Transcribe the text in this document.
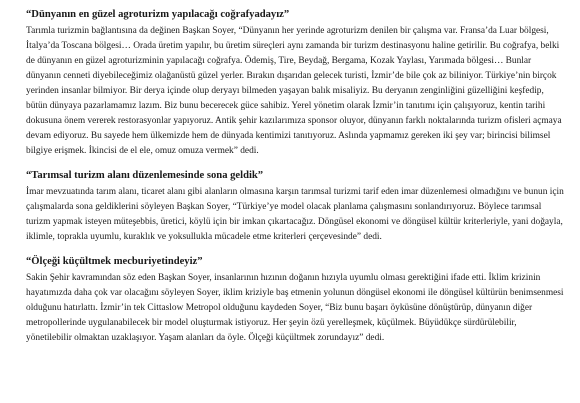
“Dünyanın en güzel agroturizm yapılacağı coğrafyadayız”

Tarımla turizmin bağlantısına da değinen Başkan Soyer, “Dünyanın her yerinde agroturizm denilen bir çalışma var. Fransa’da Luar bölgesi, İtalya’da Toscana bölgesi… Orada üretim yapılır, bu üretim süreçleri aynı zamanda bir turizm destinasyonu haline getirilir. Bu coğrafya, belki de dünyanın en güzel agroturizminin yapılacağı coğrafya. Ödemiş, Tire, Beydağ, Bergama, Kozak Yaylası, Yarımada bölgesi… Bunlar dünyanın cenneti diyebileceğimiz olağanüstü güzel yerler. Bırakın dışarıdan gelecek turisti, İzmir’de bile çok az biliniyor. Türkiye’nin birçok yerinden insanlar bilmiyor. Bir derya içinde olup deryayı bilmeden yaşayan balık misaliyiz. Bu deryanın zenginliğini güzelliğini keşfedip, bütün dünyaya pazarlamamız lazım. Biz bunu becerecek güce sahibiz. Yerel yönetim olarak İzmir’in tanıtımı için çalışıyoruz, kentin tarihi dokusuna önem vererek restorasyonlar yapıyoruz. Antik şehir kazılarımıza sponsor oluyor, dünyanın farklı noktalarında turizm ofisleri açmaya devam ediyoruz. Bu sayede hem ülkemizde hem de dünyada kentimizi tanıtıyoruz. Aslında yapmamız gereken iki şey var; birincisi bilimsel bilgiye erişmek. İkincisi de el ele, omuz omuza vermek” dedi.

“Tarımsal turizm alanı düzenlemesinde sona geldik”

İmar mevzuatında tarım alanı, ticaret alanı gibi alanların olmasına karşın tarımsal turizmi tarif eden imar düzenlemesi olmadığını ve bunun için çalışmalarda sona geldiklerini söyleyen Başkan Soyer, “Türkiye’ye model olacak planlama çalışmasını sonlandırıyoruz. Böylece tarımsal turizm yapmak isteyen müteşebbis, üretici, köylü için bir imkan çıkartacağız. Döngüsel ekonomi ve döngüsel kültür kriterleriyle, yani doğayla, iklimle, toprakla uyumlu, kuraklık ve yoksullukla mücadele etme kriterleri çerçevesinde” dedi.

“Ölçeği küçültmek mecburiyetindeyiz”

Sakin Şehir kavramından söz eden Başkan Soyer, insanlarının hızının doğanın hızıyla uyumlu olması gerektiğini ifade etti. İklim krizinin hayatımızda daha çok var olacağını söyleyen Soyer, iklim kriziyle baş etmenin yolunun döngüsel ekonomi ile döngüsel kültürün benimsenmesi olduğunu hatırlattı. İzmir’in tek Cittaslow Metropol olduğunu kaydeden Soyer, “Biz bunu başarı öyküsüne dönüştürüp, dünyanın diğer metropollerinde uygulanabilecek bir model oluşturmak istiyoruz. Her şeyin özü yerelleşmek, küçülmek. Büyüdükçe sürdürülebilir, yönetilebilir olmaktan uzaklaşıyor. Yaşam alanları da öyle. Ölçeği küçültmek zorundayız” dedi.
